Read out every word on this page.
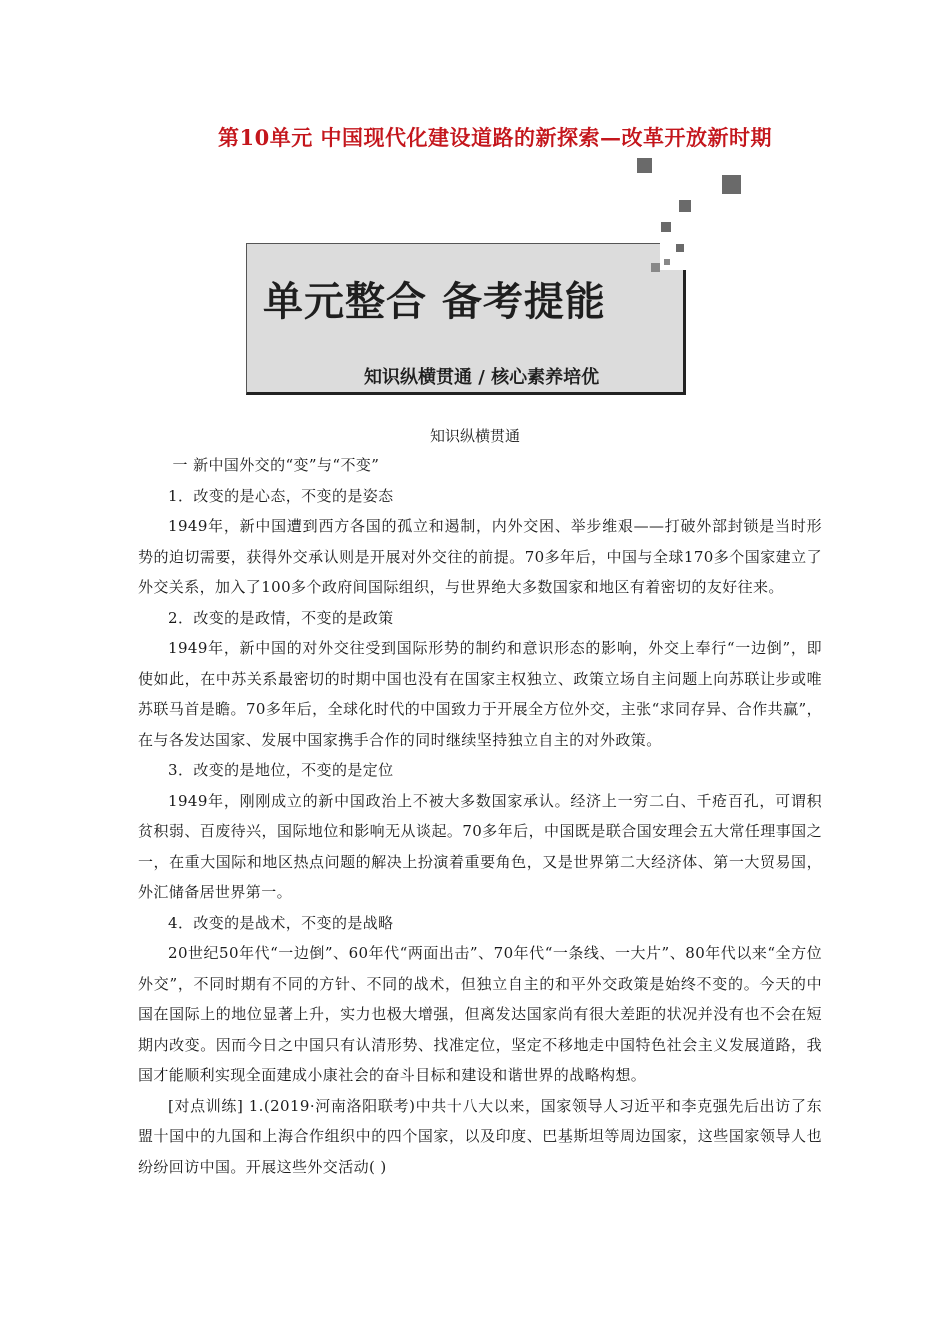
第10单元 中国现代化建设道路的新探索—改革开放新时期
单元整合 备考提能
知识纵横贯通 / 核心素养培优
知识纵横贯通

一 新中国外交的“变”与“不变”

1．改变的是心态，不变的是姿态

1949年，新中国遭到西方各国的孤立和遏制，内外交困、举步维艰——打破外部封锁是当时形势的迫切需要，获得外交承认则是开展对外交往的前提。70多年后，中国与全球170多个国家建立了外交关系，加入了100多个政府间国际组织，与世界绝大多数国家和地区有着密切的友好往来。

2．改变的是政情，不变的是政策

1949年，新中国的对外交往受到国际形势的制约和意识形态的影响，外交上奉行“一边倒”，即使如此，在中苏关系最密切的时期中国也没有在国家主权独立、政策立场自主问题上向苏联让步或唯苏联马首是瞻。70多年后，全球化时代的中国致力于开展全方位外交，主张“求同存异、合作共赢”，在与各发达国家、发展中国家携手合作的同时继续坚持独立自主的对外政策。

3．改变的是地位，不变的是定位

1949年，刚刚成立的新中国政治上不被大多数国家承认。经济上一穷二白、千疮百孔，可谓积贫积弱、百废待兴，国际地位和影响无从谈起。70多年后，中国既是联合国安理会五大常任理事国之一，在重大国际和地区热点问题的解决上扮演着重要角色，又是世界第二大经济体、第一大贸易国，外汇储备居世界第一。

4．改变的是战术，不变的是战略

20世纪50年代“一边倒”、60年代“两面出击”、70年代“一条线、一大片”、80年代以来“全方位外交”，不同时期有不同的方针、不同的战术，但独立自主的和平外交政策是始终不变的。今天的中国在国际上的地位显著上升，实力也极大增强，但离发达国家尚有很大差距的状况并没有也不会在短期内改变。因而今日之中国只有认清形势、找准定位，坚定不移地走中国特色社会主义发展道路，我国才能顺利实现全面建成小康社会的奋斗目标和建设和谐世界的战略构想。

[对点训练] 1.(2019·河南洛阳联考)中共十八大以来，国家领导人习近平和李克强先后出访了东盟十国中的九国和上海合作组织中的四个国家，以及印度、巴基斯坦等周边国家，这些国家领导人也纷纷回访中国。开展这些外交活动( )
